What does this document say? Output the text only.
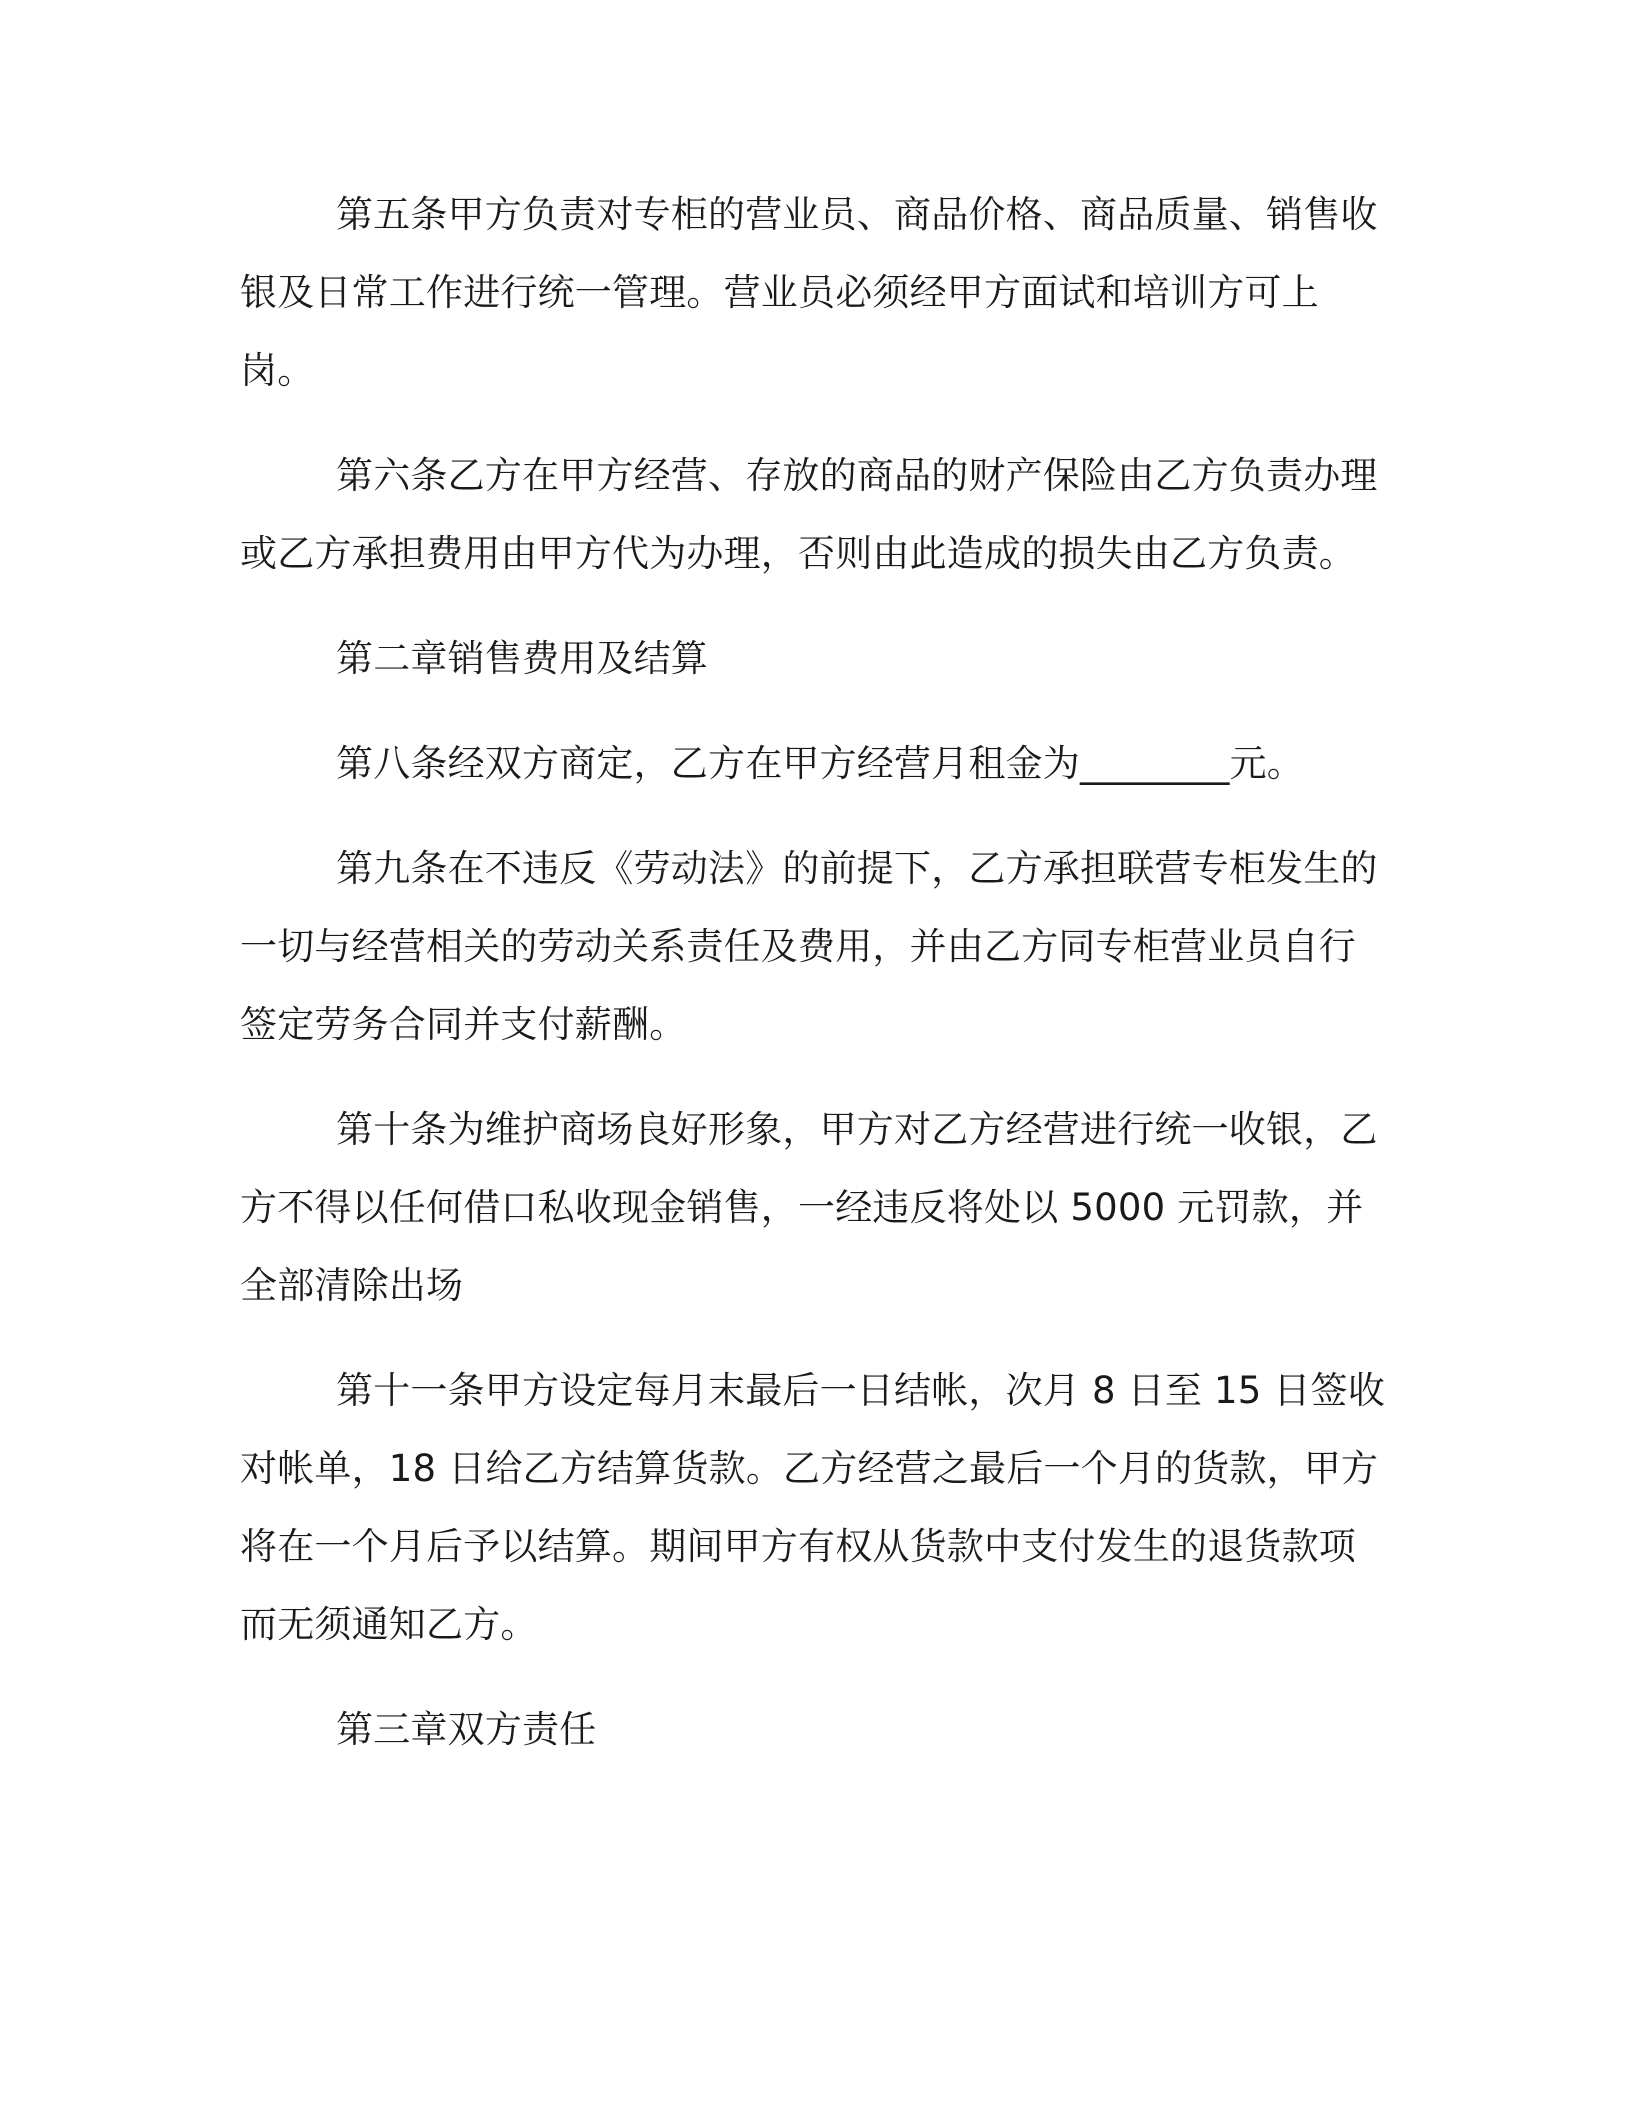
第五条甲方负责对专柜的营业员、商品价格、商品质量、销售收银及日常工作进行统一管理。营业员必须经甲方面试和培训方可上岗。

第六条乙方在甲方经营、存放的商品的财产保险由乙方负责办理或乙方承担费用由甲方代为办理，否则由此造成的损失由乙方负责。

第二章销售费用及结算

第八条经双方商定，乙方在甲方经营月租金为________元。

第九条在不违反《劳动法》的前提下，乙方承担联营专柜发生的一切与经营相关的劳动关系责任及费用，并由乙方同专柜营业员自行签定劳务合同并支付薪酬。

第十条为维护商场良好形象，甲方对乙方经营进行统一收银，乙方不得以任何借口私收现金销售，一经违反将处以 5000 元罚款，并全部清除出场

第十一条甲方设定每月末最后一日结帐，次月 8 日至 15 日签收对帐单，18 日给乙方结算货款。乙方经营之最后一个月的货款，甲方将在一个月后予以结算。期间甲方有权从货款中支付发生的退货款项而无须通知乙方。

第三章双方责任
